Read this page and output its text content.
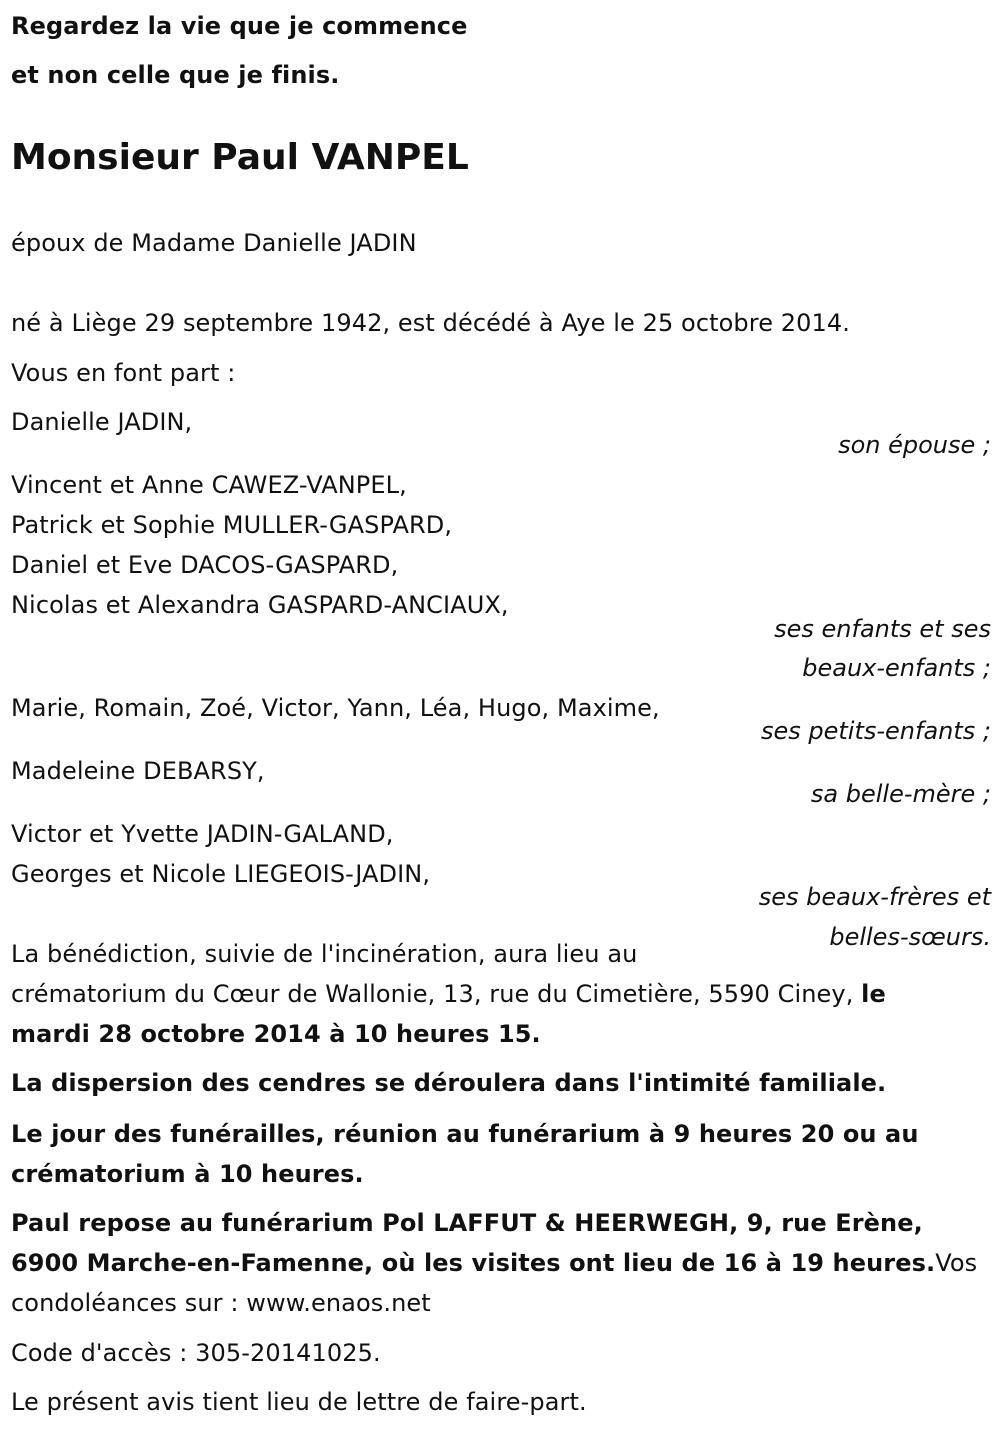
Regardez la vie que je commence
et non celle que je finis.
Monsieur Paul VANPEL
époux de Madame Danielle JADIN
né à Liège 29 septembre 1942, est décédé à Aye le 25 octobre 2014.
Vous en font part :
Danielle JADIN,
son épouse ;
Vincent et Anne CAWEZ-VANPEL,
Patrick et Sophie MULLER-GASPARD,
Daniel et Eve DACOS-GASPARD,
Nicolas et Alexandra GASPARD-ANCIAUX,
ses enfants et ses
beaux-enfants ;
Marie, Romain, Zoé, Victor, Yann, Léa, Hugo, Maxime,
ses petits-enfants ;
Madeleine DEBARSY,
sa belle-mère ;
Victor et Yvette JADIN-GALAND,
Georges et Nicole LIEGEOIS-JADIN,
ses beaux-frères et
belles-sœurs.
La bénédiction, suivie de l'incinération, aura lieu au
crématorium du Cœur de Wallonie, 13, rue du Cimetière, 5590 Ciney, le
mardi 28 octobre 2014 à 10 heures 15.
La dispersion des cendres se déroulera dans l'intimité familiale.
Le jour des funérailles, réunion au funérarium à 9 heures 20 ou au
crématorium à 10 heures.
Paul repose au funérarium Pol LAFFUT & HEERWEGH, 9, rue Erène,
6900 Marche-en-Famenne, où les visites ont lieu de 16 à 19 heures.Vos
condoléances sur : www.enaos.net
Code d'accès : 305-20141025.
Le présent avis tient lieu de lettre de faire-part.
